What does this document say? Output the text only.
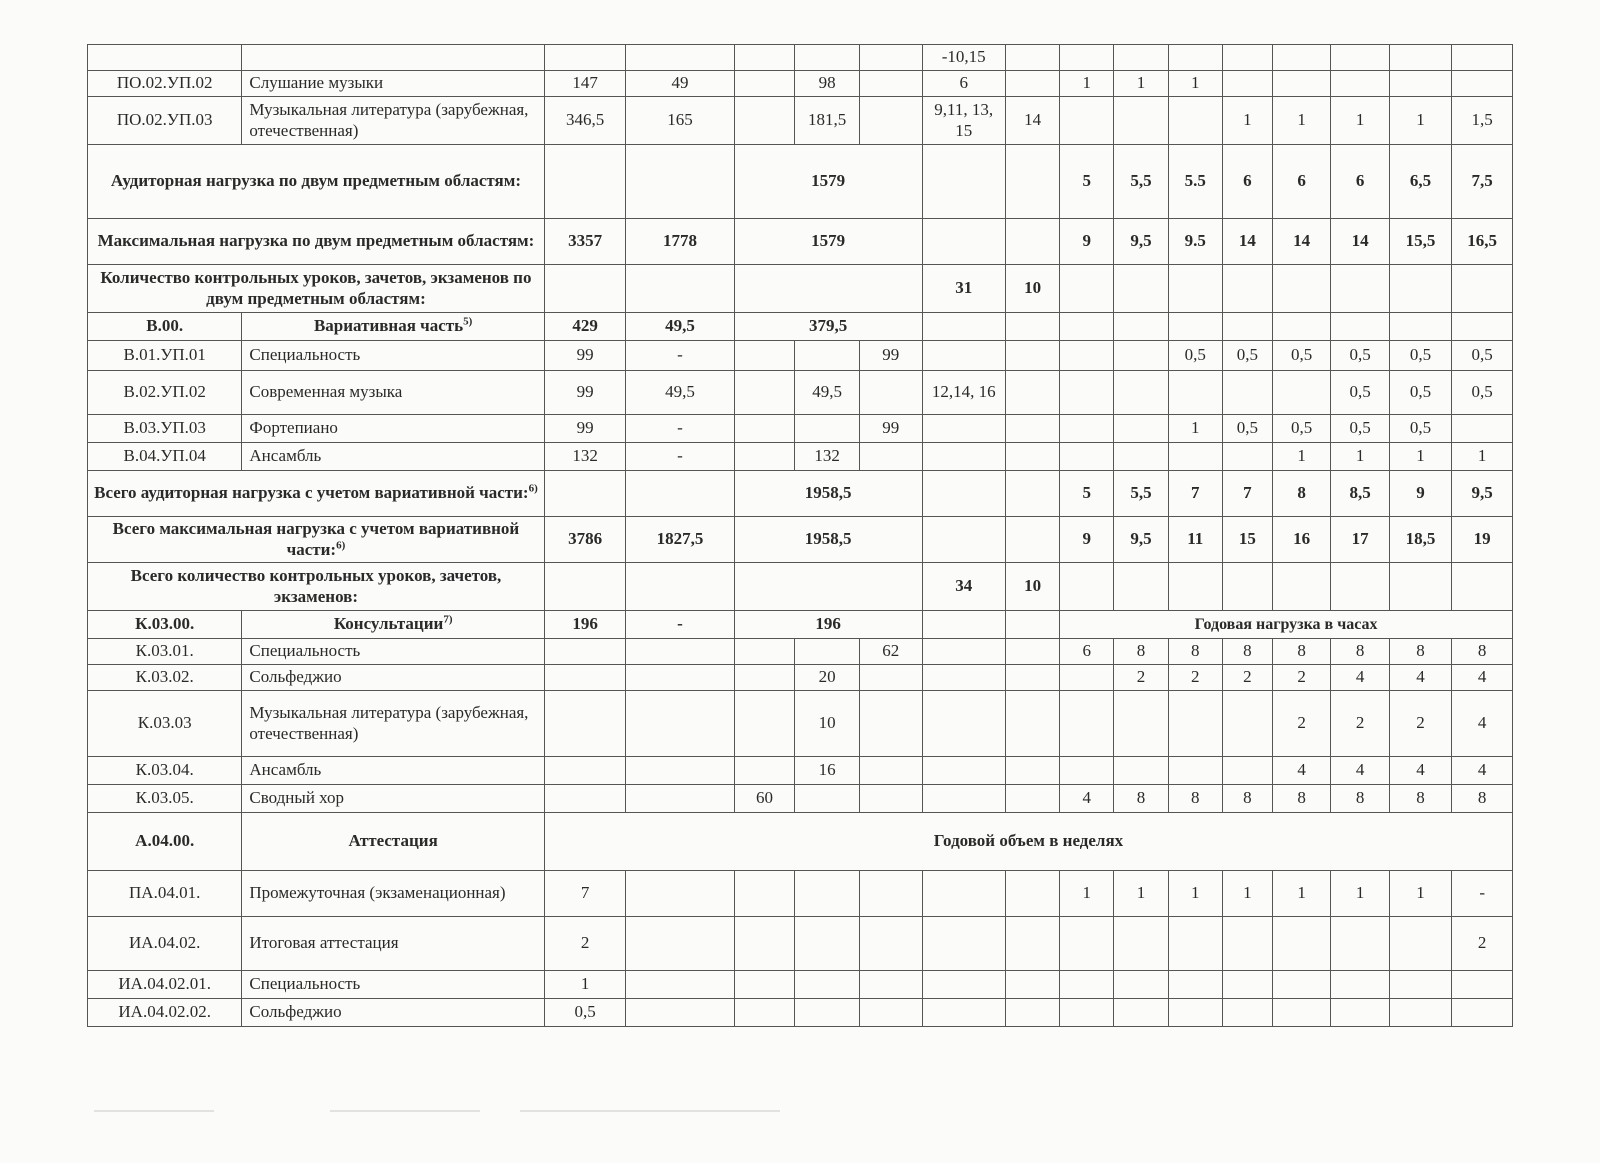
							-10,15									
ПО.02.УП.02	Слушание музыки	147	49		98		6		1	1	1					
ПО.02.УП.03	Музыкальная литература (зарубежная, отечественная)	346,5	165		181,5		9,11, 13, 15	14				1	1	1	1	1,5
Аудиторная нагрузка по двум предметным областям:				1579					5	5,5	5.5	6	6	6	6,5	7,5
Максимальная нагрузка по двум предметным областям:		3357	1778	1579					9	9,5	9.5	14	14	14	15,5	16,5
Количество контрольных уроков, зачетов, экзаменов по двум предметным областям:							31	10								
В.00.	Вариативная часть$^{5)}$	429	49,5	379,5												
В.01.УП.01	Специальность	99	-			99					0,5	0,5	0,5	0,5	0,5	0,5
В.02.УП.02	Современная музыка	99	49,5		49,5		12,14, 16							0,5	0,5	0,5
В.03.УП.03	Фортепиано	99	-			99					1	0,5	0,5	0,5	0,5	
В.04.УП.04	Ансамбль	132	-		132								1	1	1	1
Всего аудиторная нагрузка с учетом вариативной части:$^{6)}$				1958,5					5	5,5	7	7	8	8,5	9	9,5
Всего максимальная нагрузка с учетом вариативной части:$^{6)}$		3786	1827,5	1958,5					9	9,5	11	15	16	17	18,5	19
Всего количество контрольных уроков, зачетов, экзаменов:							34	10								
К.03.00.	Консультации$^{7)}$	196	-	196					Годовая нагрузка в часах							
К.03.01.	Специальность					62			6	8	8	8	8	8	8	8
К.03.02.	Сольфеджио				20					2	2	2	2	4	4	4
К.03.03	Музыкальная литература (зарубежная, отечественная)				10								2	2	2	4
К.03.04.	Ансамбль				16								4	4	4	4
К.03.05.	Сводный хор			60					4	8	8	8	8	8	8	8
А.04.00.	Аттестация	Годовой объем в неделях														
ПА.04.01.	Промежуточная (экзаменационная)	7							1	1	1	1	1	1	1	-
ИА.04.02.	Итоговая аттестация	2														2
ИА.04.02.01.	Специальность	1														
ИА.04.02.02.	Сольфеджио	0,5														
